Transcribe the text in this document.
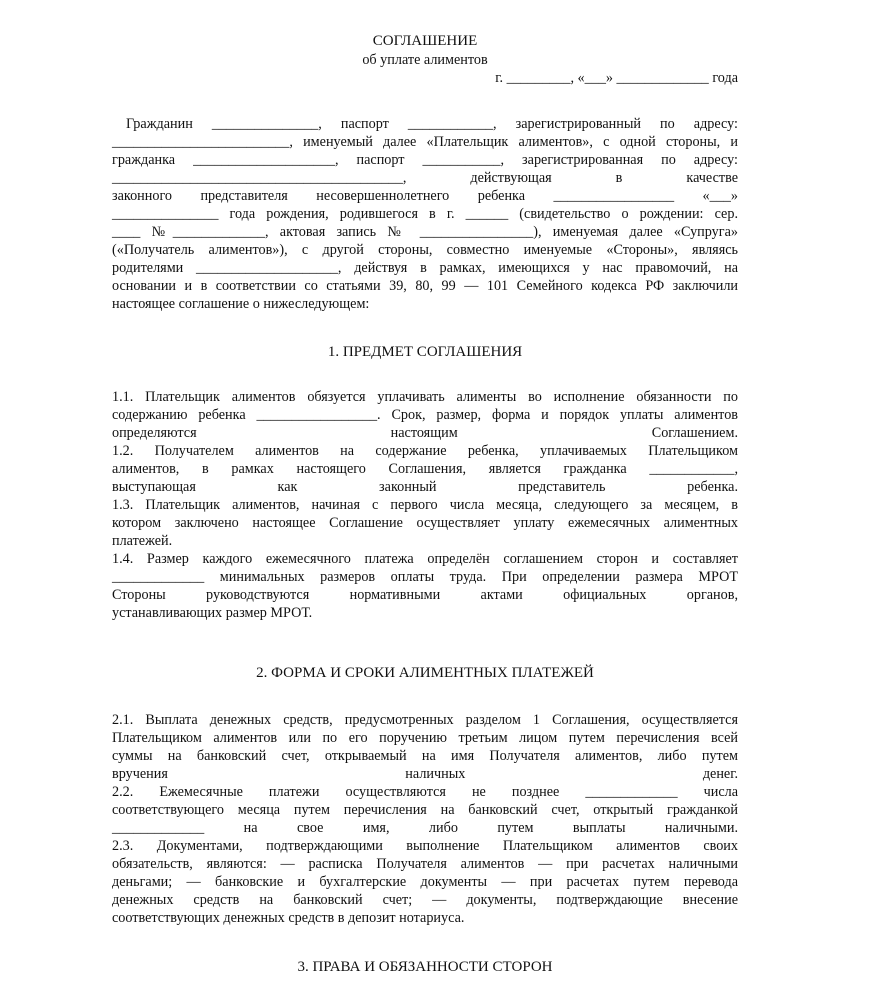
СОГЛАШЕНИЕ
об уплате алиментов
г. _________, «___» _____________ года
Гражданин _______________, паспорт ____________, зарегистрированный по адресу:
_________________________, именуемый далее «Плательщик алиментов», с одной стороны, и
гражданка ____________________, паспорт ___________, зарегистрированная по адресу:
_________________________________________, действующая в качестве
законного представителя несовершеннолетнего ребенка _________________ «___»
_______________ года рождения, родившегося в г. ______ (свидетельство о рождении: сер.
____ №_____________, актовая запись № ________________), именуемая далее «Супруга»
(«Получатель алиментов»), с другой стороны, совместно именуемые «Стороны», являясь
родителями ____________________, действуя в рамках, имеющихся у нас правомочий, на
основании и в соответствии со статьями 39, 80, 99 — 101 Семейного кодекса РФ заключили
настоящее соглашение о нижеследующем:
1. ПРЕДМЕТ СОГЛАШЕНИЯ
1.1. Плательщик алиментов обязуется уплачивать алименты во исполнение обязанности по
содержанию ребенка _________________. Срок, размер, форма и порядок уплаты алиментов
определяются настоящим Соглашением.
1.2. Получателем алиментов на содержание ребенка, уплачиваемых Плательщиком
алиментов, в рамках настоящего Соглашения, является гражданка ____________,
выступающая как законный представитель ребенка.
1.3. Плательщик алиментов, начиная с первого числа месяца, следующего за месяцем, в
котором заключено настоящее Соглашение осуществляет уплату ежемесячных алиментных
платежей.
1.4. Размер каждого ежемесячного платежа определён соглашением сторон и составляет
_____________ минимальных размеров оплаты труда. При определении размера МРОТ
Стороны руководствуются нормативными актами официальных органов,
устанавливающих размер МРОТ.
2. ФОРМА И СРОКИ АЛИМЕНТНЫХ ПЛАТЕЖЕЙ
2.1. Выплата денежных средств, предусмотренных разделом 1 Соглашения, осуществляется
Плательщиком алиментов или по его поручению третьим лицом путем перечисления всей
суммы на банковский счет, открываемый на имя Получателя алиментов, либо путем
вручения наличных денег.
2.2. Ежемесячные платежи осуществляются не позднее _____________ числа
соответствующего месяца путем перечисления на банковский счет, открытый гражданкой
_____________ на свое имя, либо путем выплаты наличными.
2.3. Документами, подтверждающими выполнение Плательщиком алиментов своих
обязательств, являются: — расписка Получателя алиментов — при расчетах наличными
деньгами; — банковские и бухгалтерские документы — при расчетах путем перевода
денежных средств на банковский счет; — документы, подтверждающие внесение
соответствующих денежных средств в депозит нотариуса.
3. ПРАВА И ОБЯЗАННОСТИ СТОРОН
